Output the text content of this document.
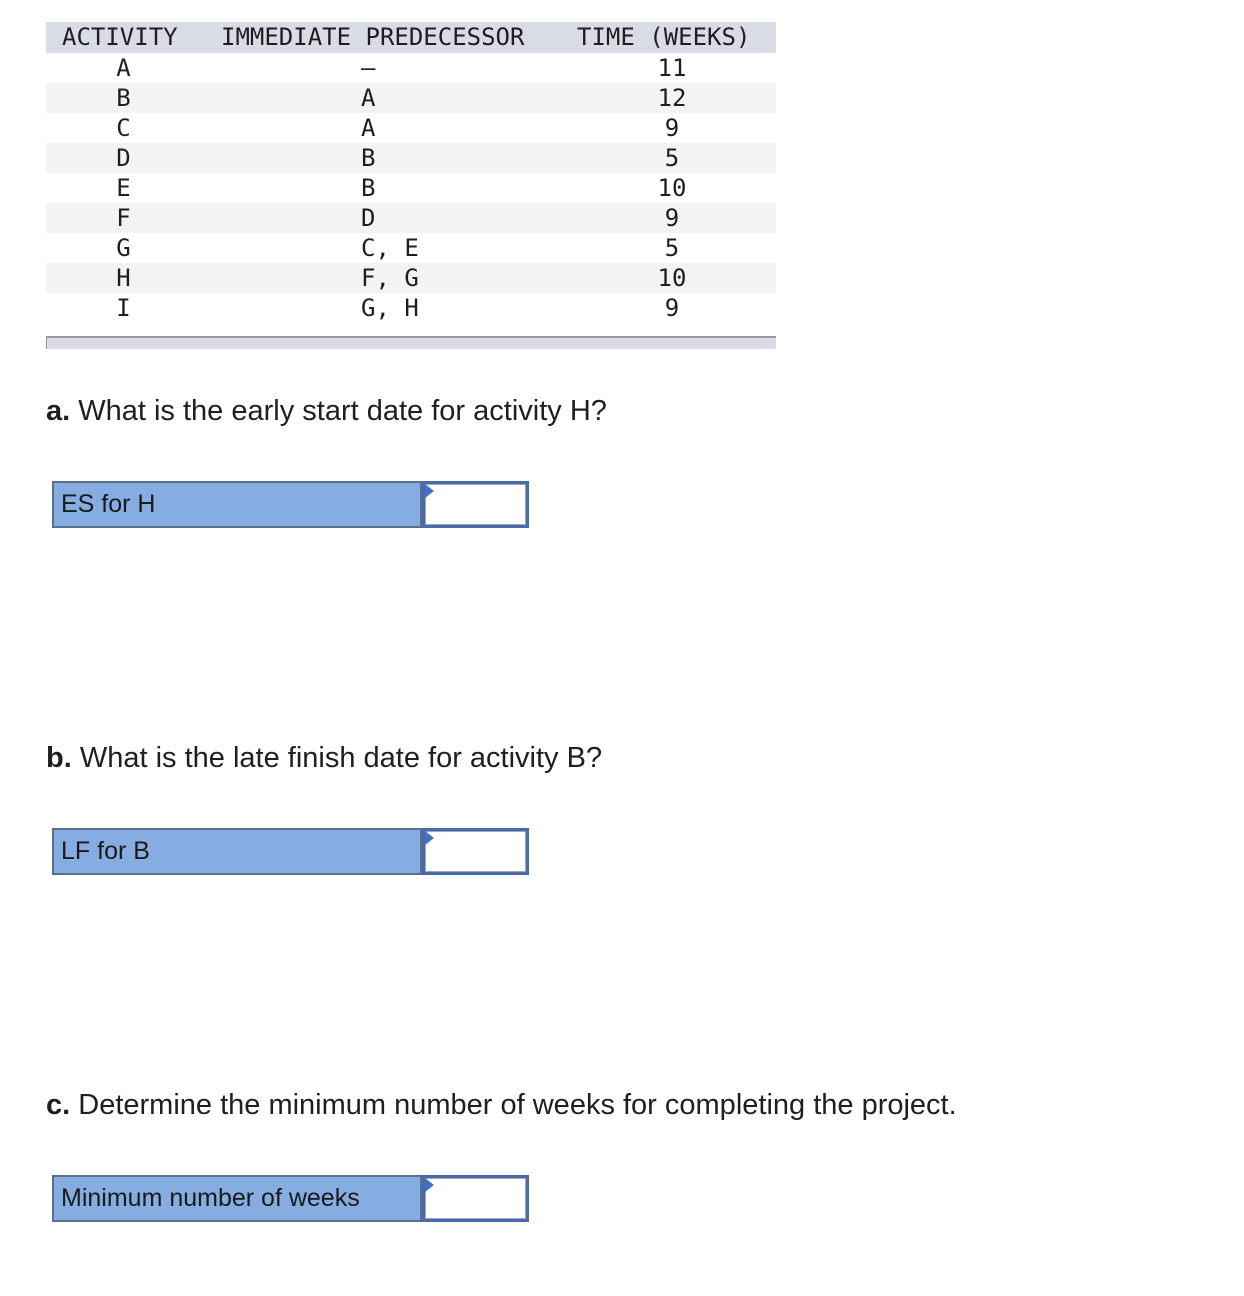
ACTIVITY	IMMEDIATE PREDECESSOR	TIME (WEEKS)
A	—	11
B	A	12
C	A	9
D	B	5
E	B	10
F	D	9
G	C, E	5
H	F, G	10
I	G, H	9
a. What is the early start date for activity H?
ES for H
b. What is the late finish date for activity B?
LF for B
c. Determine the minimum number of weeks for completing the project.
Minimum number of weeks
